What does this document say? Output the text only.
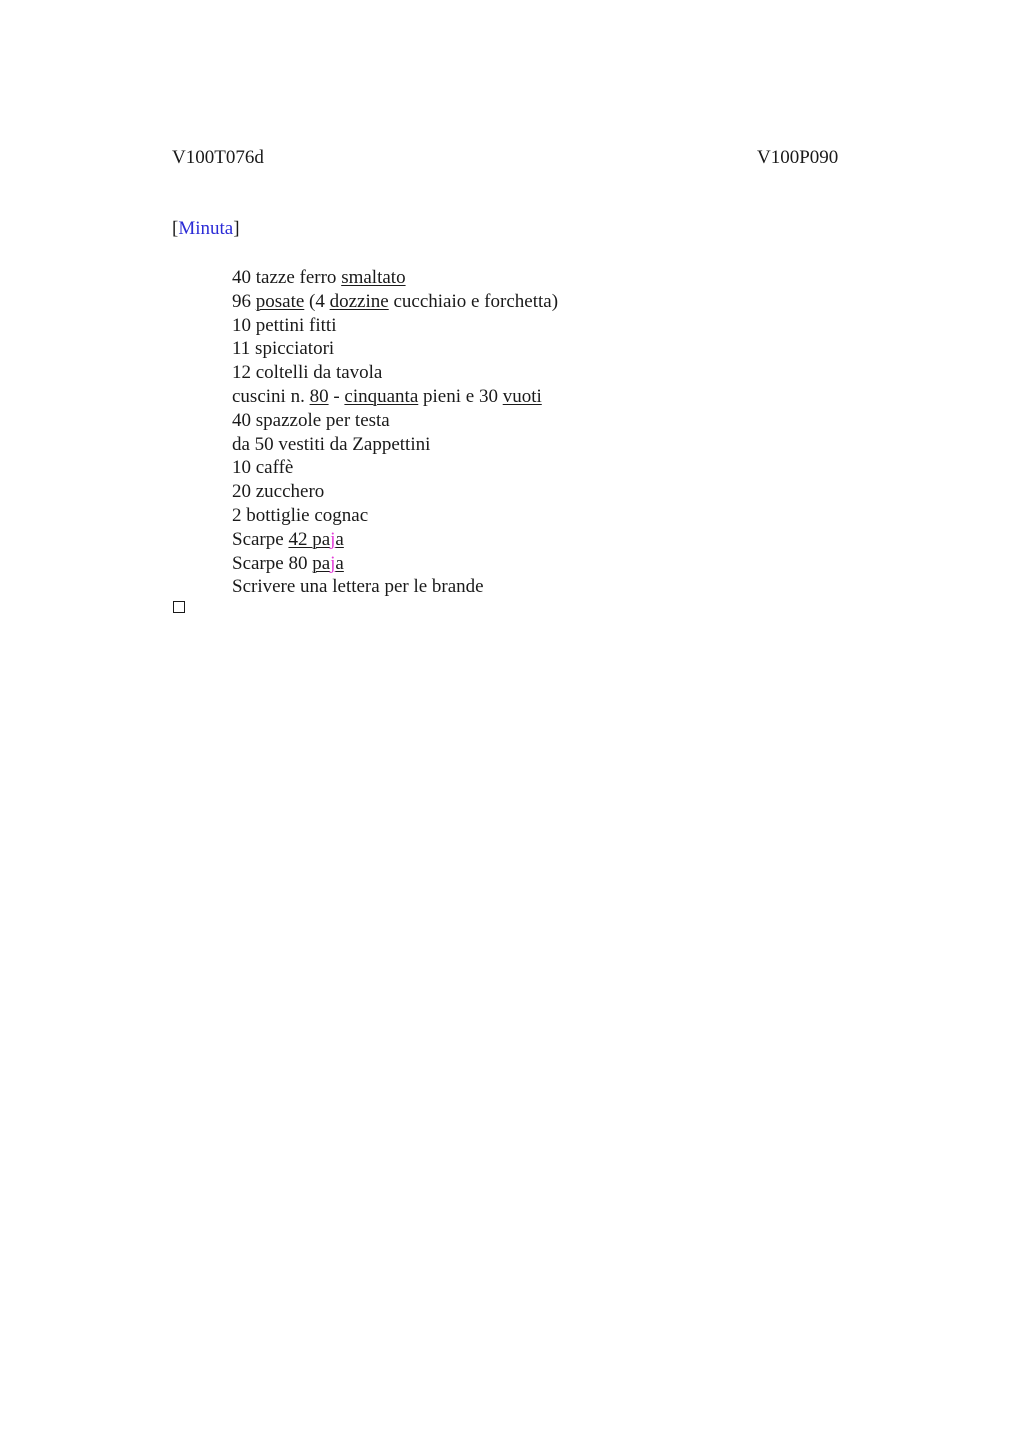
V100T076d	V100P090
[Minuta]
40 tazze ferro smaltato
96 posate (4 dozzine cucchiaio e forchetta)
10 pettini fitti
11 spicciatori
12 coltelli da tavola
cuscini n. 80 - cinquanta pieni e 30 vuoti
40 spazzole per testa
da 50 vestiti da Zappettini
10 caffè
20 zucchero
2 bottiglie cognac
Scarpe 42 paja
Scarpe 80 paja
Scrivere una lettera per le brande
